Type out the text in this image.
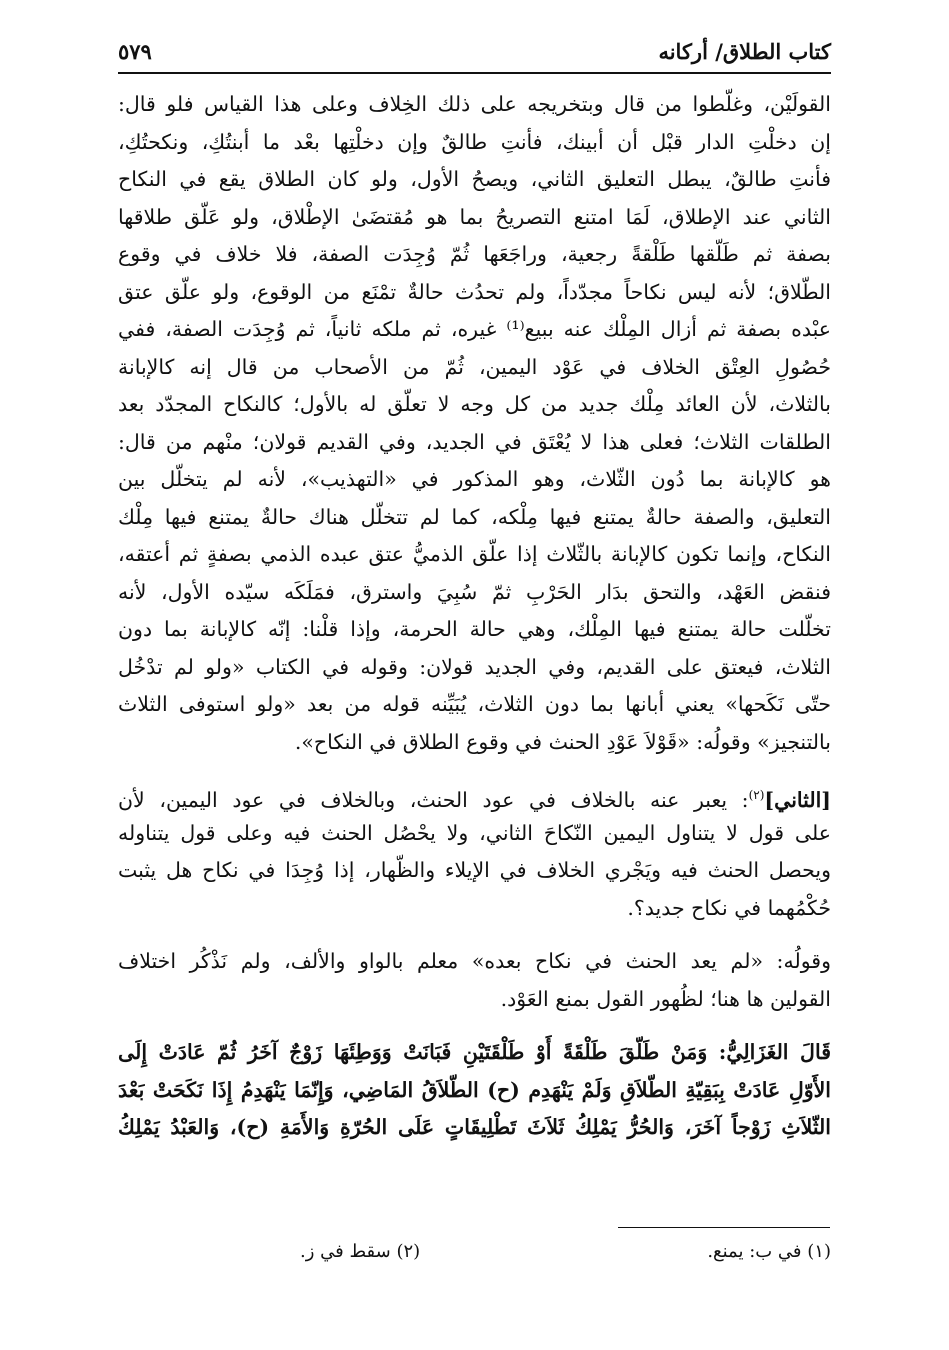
كتاب الطلاق/ أركانه
٥٧٩
القولَيْن، وغلّطوا من قال وبتخريجه على ذلك الخِلاف وعلى هذا القياس فلو قال:
إن دخلْتِ الدار قبْل أن أبينك، فأنتِ طالقٌ وإن دخلْتِها بعْد ما أبنتُكِ، ونكحتُكِ،
فأنتِ طالقٌ، يبطل التعليق الثاني، ويصحُ الأول، ولو كان الطلاق يقع في النكاح
الثاني عند الإطلاق، لَمَا امتنع التصريحُ بما هو مُقتضَىٰ الإطْلاق، ولو عَلّق طلاقها
بصفة ثم طَلّقها طَلْقةً رجعية، وراجَعَها ثُمّ وُجِدَت الصفة، فلا خلاف في وقوع
الطّلاق؛ لأنه ليس نكاحاً مجدّداً، ولم تحدُث حالةٌ تمْنَع من الوقوع، ولو علّق عتق
عبْده بصفة ثم أزال المِلْك عنه ببيع⁽¹⁾ غيره، ثم ملكه ثانياً، ثم وُجِدَت الصفة، ففي
حُصُولِ العِتْق الخلاف في عَوْد اليمين، ثُمّ من الأصحاب من قال إنه كالإبانة
بالثلاث، لأن العائد مِلْك جديد من كل وجه لا تعلّق له بالأول؛ كالنكاح المجدّد بعد
الطلقات الثلاث؛ فعلى هذا لا يُعْتَق في الجديد، وفي القديم قولان؛ منْهم من قال:
هو كالإبانة بما دُون الثّلاث، وهو المذكور في «التهذيب»، لأنه لم يتخلّل بين
التعليق، والصفة حالةٌ يمتنع فيها مِلْكه، كما لم تتخلّل هناك حالةٌ يمتنع فيها مِلْك
النكاح، وإنما تكون كالإبانة بالثّلاث إذا علّق الذميُّ عتق عبده الذمي بصفةٍ ثم أعتقه،
فنقض العَهْد، والتحق بدَار الحَرْبِ ثمّ سُبِيَ واسترق، فمَلَكَه سيّده الأول، لأنه
تخلّلت حالة يمتنع فيها المِلْك، وهي حالة الحرمة، وإذا قلْنا: إنّه كالإبانة بما دون
الثلاث، فيعتق على القديم، وفي الجديد قولان: وقوله في الكتاب «ولو لم تدْخُل
حتّى نَكَحها» يعني أبانها بما دون الثلاث، يُبَيِّنه قوله من بعد «ولو استوفى الثلاث
بالتنجيز» وقولُه: «قَوْلاَ عَوْدِ الحنث في وقوع الطلاق في النكاح».
[الثاني]$^{(٢)}$: يعبر عنه بالخلاف في عود الحنث، وبالخلاف في عود اليمين، لأن
على قول لا يتناول اليمين النّكاحَ الثاني، ولا يحْصُل الحنث فيه وعلى قول يتناوله
ويحصل الحنث فيه ويَجْري الخلاف في الإيلاء والظّهار، إذا وُجِدَا في نكاح هل يثبت
حُكْمُهما في نكاح جديد؟.
وقولُه: «لم يعد الحنث في نكاح بعده» معلم بالواو والألف، ولم نَذْكُر اختلاف
القولين ها هنا؛ لظُهور القول بمنع العَوْد.
قَالَ الغَزَالِيُّ: وَمَنْ طَلّقَ طَلْقَةً أَوْ طَلْقَتَيْنِ فَبَانَتْ وَوَطِئَهَا زَوْجٌ آخَرُ ثُمّ عَادَتْ إِلَى
الأَوّلِ عَادَتْ بِبَقِيّةِ الطّلاَقِ وَلَمْ يَنْهَدِم (ح) الطّلاَقُ المَاضِي، وَإِنّمَا يَنْهَدِمُ إِذَا نَكَحَتْ بَعْدَ
الثّلاَثِ زَوْجاً آخَرَ، وَالحُرُّ يَمْلِكُ ثَلاَثَ تَطْلِيقَاتٍ عَلَى الحُرّةِ وَالأَمَةِ (ح)، وَالعَبْدُ يَمْلِكُ
(١) في ب: يمنع.
(٢) سقط في ز.
